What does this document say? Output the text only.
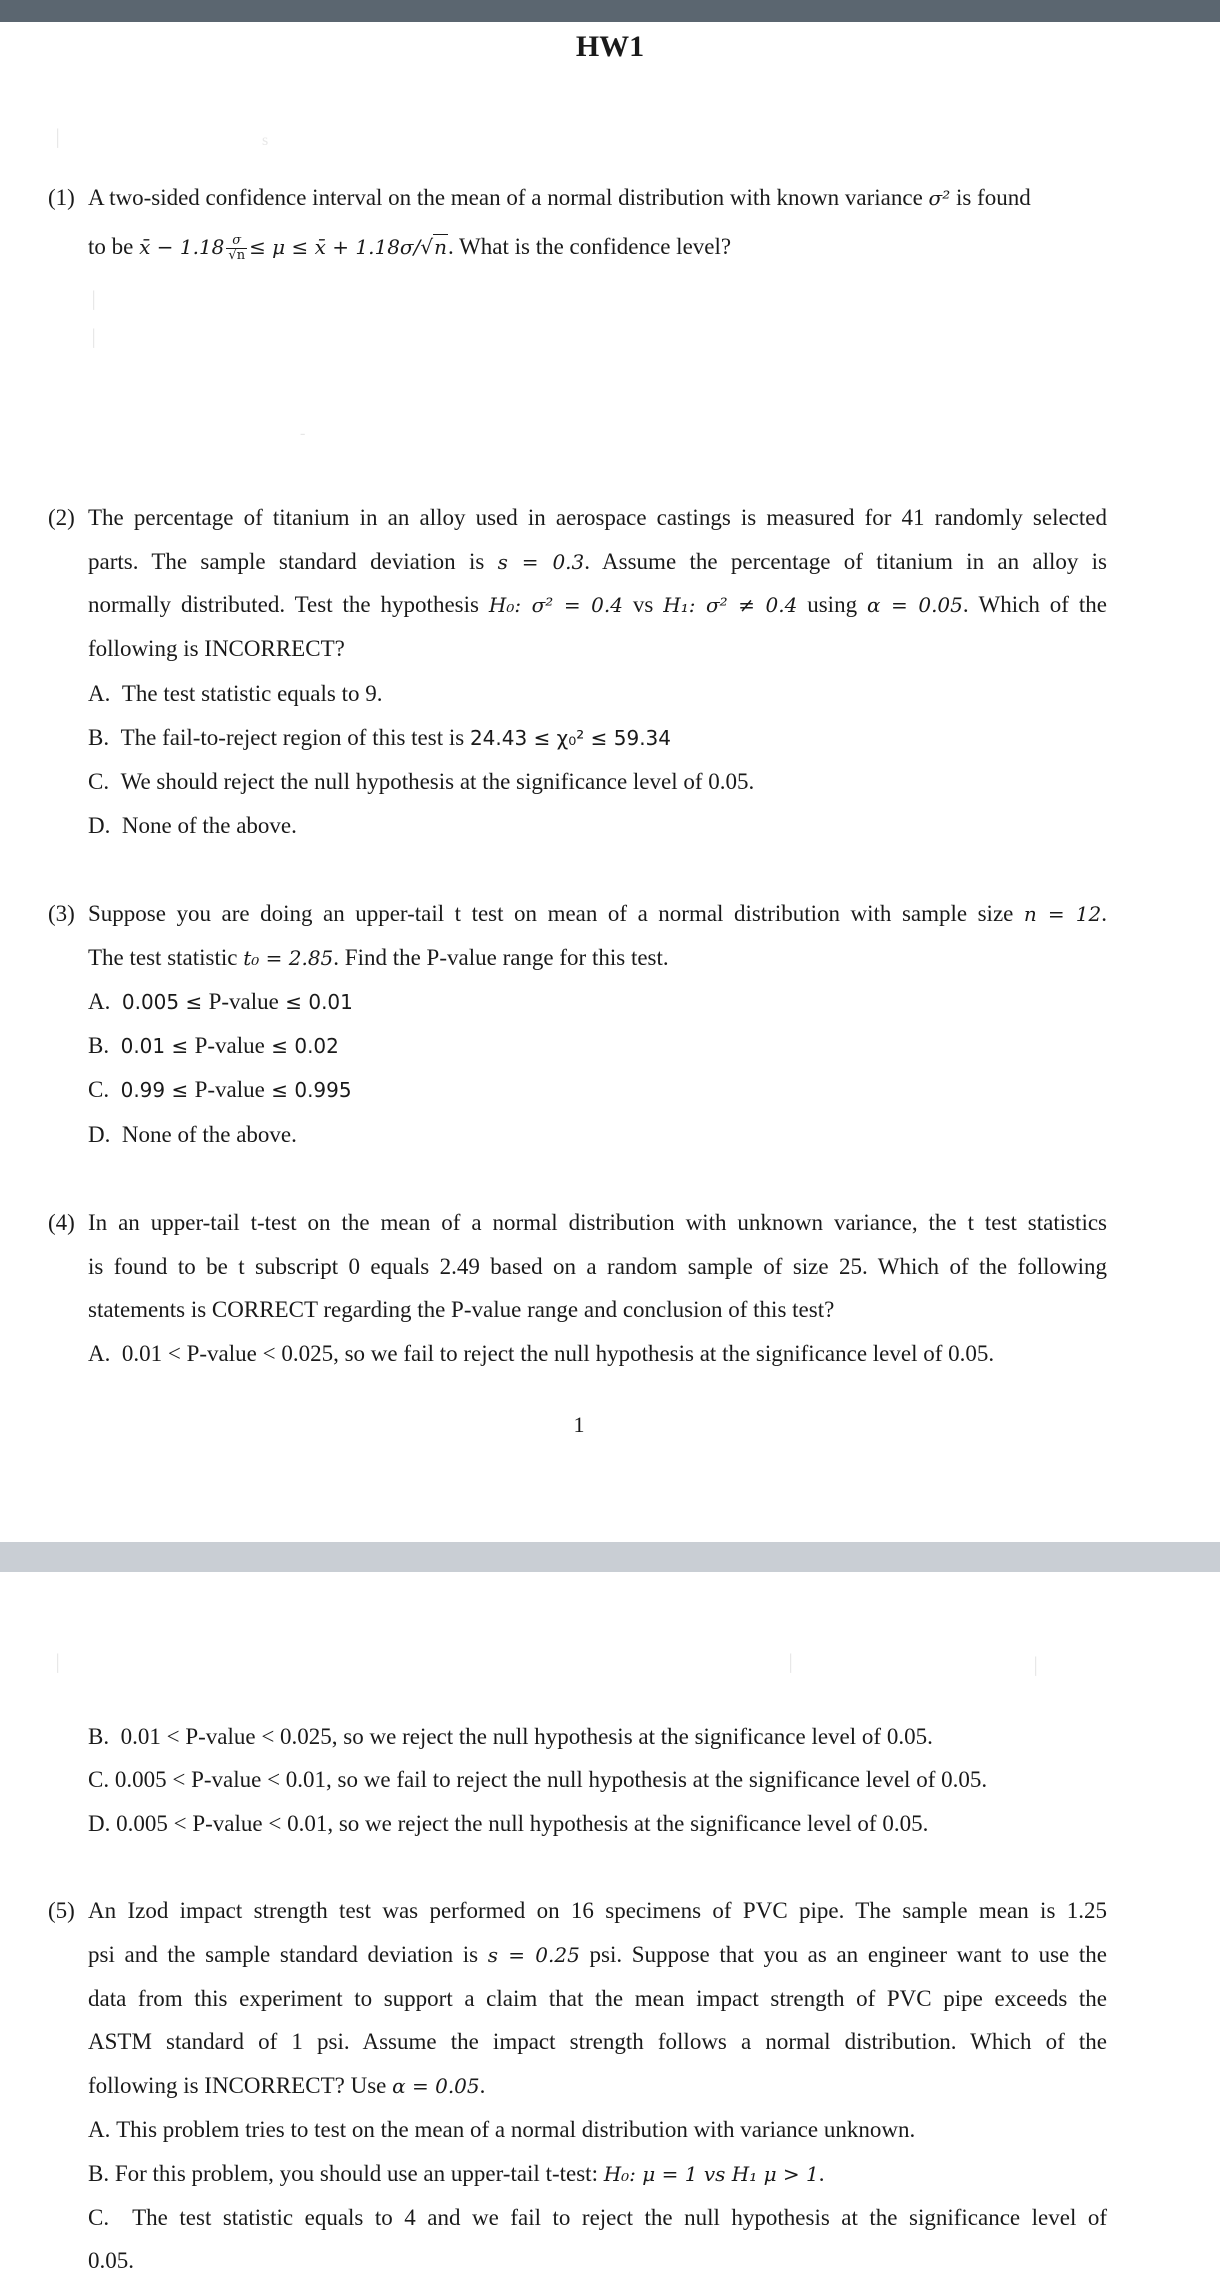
HW1
│	s
│
│
-
│	│	│
(1) A two-sided confidence interval on the mean of a normal distribution with known variance σ² is found
to be x̄ − $1.18 \frac{\sigma}{√n} \le \mu$ ≤ x̄ + 1.18σ/√n. What is the confidence level?
(2) The percentage of titanium in an alloy used in aerospace castings is measured for 41 randomly selected
parts. The sample standard deviation is s = 0.3. Assume the percentage of titanium in an alloy is
normally distributed. Test the hypothesis H₀: σ² = 0.4 vs H₁: σ² ≠ 0.4 using α = 0.05. Which of the
following is INCORRECT?
A. The test statistic equals to 9.
B. The fail-to-reject region of this test is 24.43 ≤ χ₀² ≤ 59.34
C. We should reject the null hypothesis at the significance level of 0.05.
D. None of the above.
(3) Suppose you are doing an upper-tail t test on mean of a normal distribution with sample size n = 12.
The test statistic t₀ = 2.85. Find the P-value range for this test.
A. 0.005 ≤ P-value ≤ 0.01
B. 0.01 ≤ P-value ≤ 0.02
C. 0.99 ≤ P-value ≤ 0.995
D. None of the above.
(4) In an upper-tail t-test on the mean of a normal distribution with unknown variance, the t test statistics
is found to be t subscript 0 equals 2.49 based on a random sample of size 25. Which of the following
statements is CORRECT regarding the P-value range and conclusion of this test?
A. 0.01 < P-value < 0.025, so we fail to reject the null hypothesis at the significance level of 0.05.
1
B. 0.01 < P-value < 0.025, so we reject the null hypothesis at the significance level of 0.05.
C. 0.005 < P-value < 0.01, so we fail to reject the null hypothesis at the significance level of 0.05.
D. 0.005 < P-value < 0.01, so we reject the null hypothesis at the significance level of 0.05.
(5) An Izod impact strength test was performed on 16 specimens of PVC pipe. The sample mean is 1.25
psi and the sample standard deviation is s = 0.25 psi. Suppose that you as an engineer want to use the
data from this experiment to support a claim that the mean impact strength of PVC pipe exceeds the
ASTM standard of 1 psi. Assume the impact strength follows a normal distribution. Which of the
following is INCORRECT? Use α = 0.05.
A. This problem tries to test on the mean of a normal distribution with variance unknown.
B. For this problem, you should use an upper-tail t-test: H₀: μ = 1 vs H₁ μ > 1.
C. The test statistic equals to 4 and we fail to reject the null hypothesis at the significance level of
0.05.
